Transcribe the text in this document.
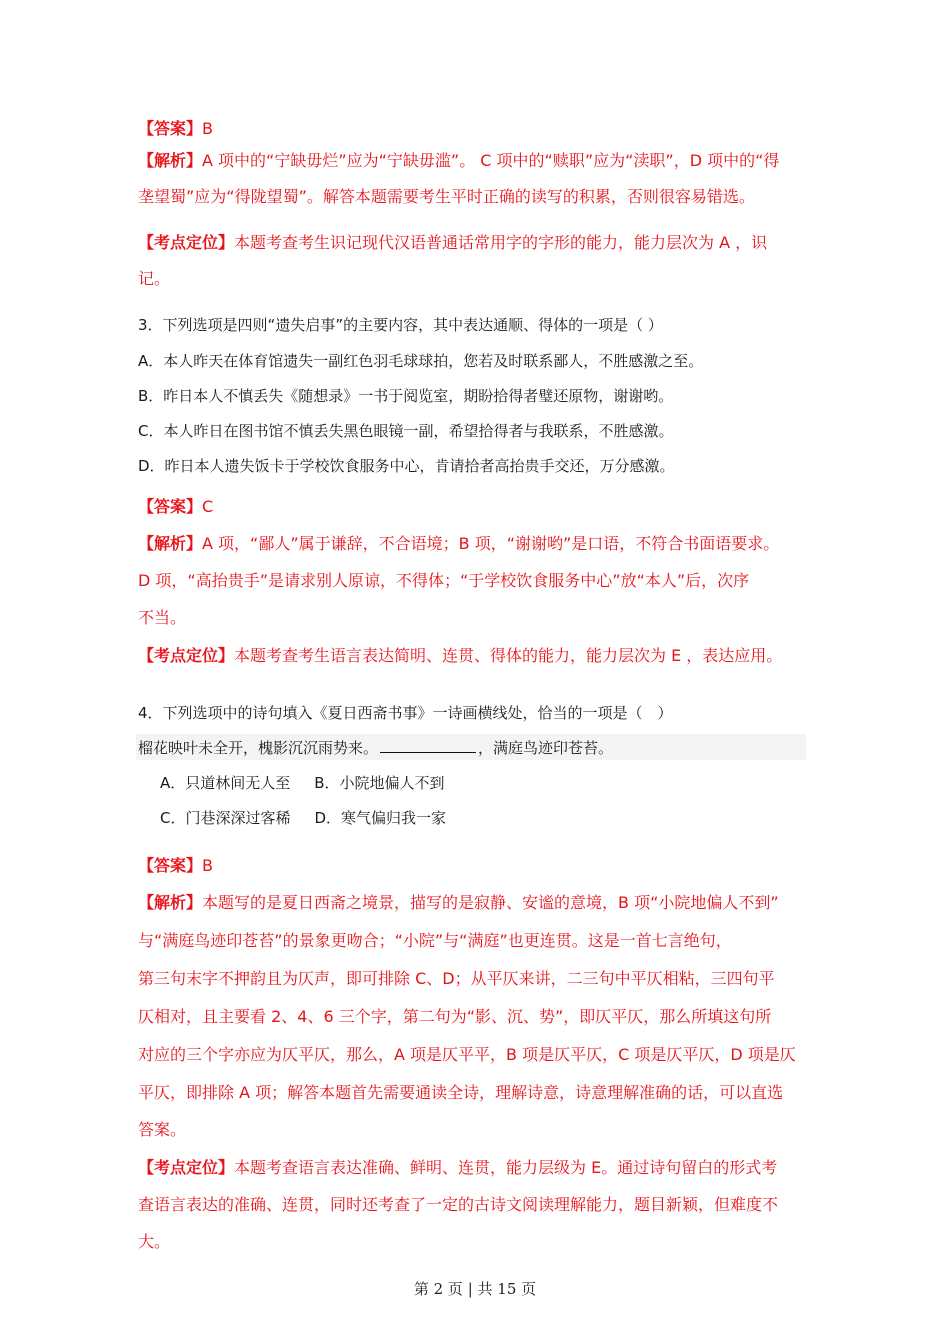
【答案】B
【解析】A 项中的“宁缺毋烂”应为“宁缺毋滥”。 C 项中的“赎职”应为“渎职”，D 项中的“得
垄望蜀”应为“得陇望蜀”。解答本题需要考生平时正确的读写的积累，否则很容易错选。
【考点定位】本题考查考生识记现代汉语普通话常用字的字形的能力，能力层次为 A ，识
记。
3．下列选项是四则“遗失启事”的主要内容，其中表达通顺、得体的一项是（ ）
A．本人昨天在体育馆遗失一副红色羽毛球球拍，您若及时联系鄙人，不胜感激之至。
B．昨日本人不慎丢失《随想录》一书于阅览室，期盼拾得者璧还原物，谢谢哟。
C．本人昨日在图书馆不慎丢失黑色眼镜一副，希望拾得者与我联系，不胜感激。
D．昨日本人遗失饭卡于学校饮食服务中心，肯请拾者高抬贵手交还，万分感激。
【答案】C
【解析】A 项，“鄙人”属于谦辞，不合语境；B 项，“谢谢哟”是口语，不符合书面语要求。
D 项，“高抬贵手”是请求别人原谅，不得体；“于学校饮食服务中心”放“本人”后，次序
不当。
【考点定位】本题考查考生语言表达简明、连贯、得体的能力，能力层次为 E ，表达应用。
4．下列选项中的诗句填入《夏日西斋书事》一诗画横线处，恰当的一项是（　）
榴花映叶未全开，槐影沉沉雨势来。	，满庭鸟迹印苍苔。
A．只道林间无人至 B．小院地偏人不到
C．门巷深深过客稀 D．寒气偏归我一家
【答案】B
【解析】本题写的是夏日西斋之境景，描写的是寂静、安谧的意境，B 项“小院地偏人不到”
与“满庭鸟迹印苍苔”的景象更吻合；“小院”与“满庭”也更连贯。这是一首七言绝句，
第三句末字不押韵且为仄声，即可排除 C、D；从平仄来讲，二三句中平仄相粘，三四句平
仄相对，且主要看 2、4、6 三个字，第二句为“影、沉、势”，即仄平仄，那么所填这句所
对应的三个字亦应为仄平仄，那么，A 项是仄平平，B 项是仄平仄，C 项是仄平仄，D 项是仄
平仄，即排除 A 项；解答本题首先需要通读全诗，理解诗意，诗意理解准确的话，可以直选
答案。
【考点定位】本题考查语言表达准确、鲜明、连贯，能力层级为 E。通过诗句留白的形式考
查语言表达的准确、连贯，同时还考查了一定的古诗文阅读理解能力，题目新颖，但难度不
大。
第 2 页 | 共 15 页
